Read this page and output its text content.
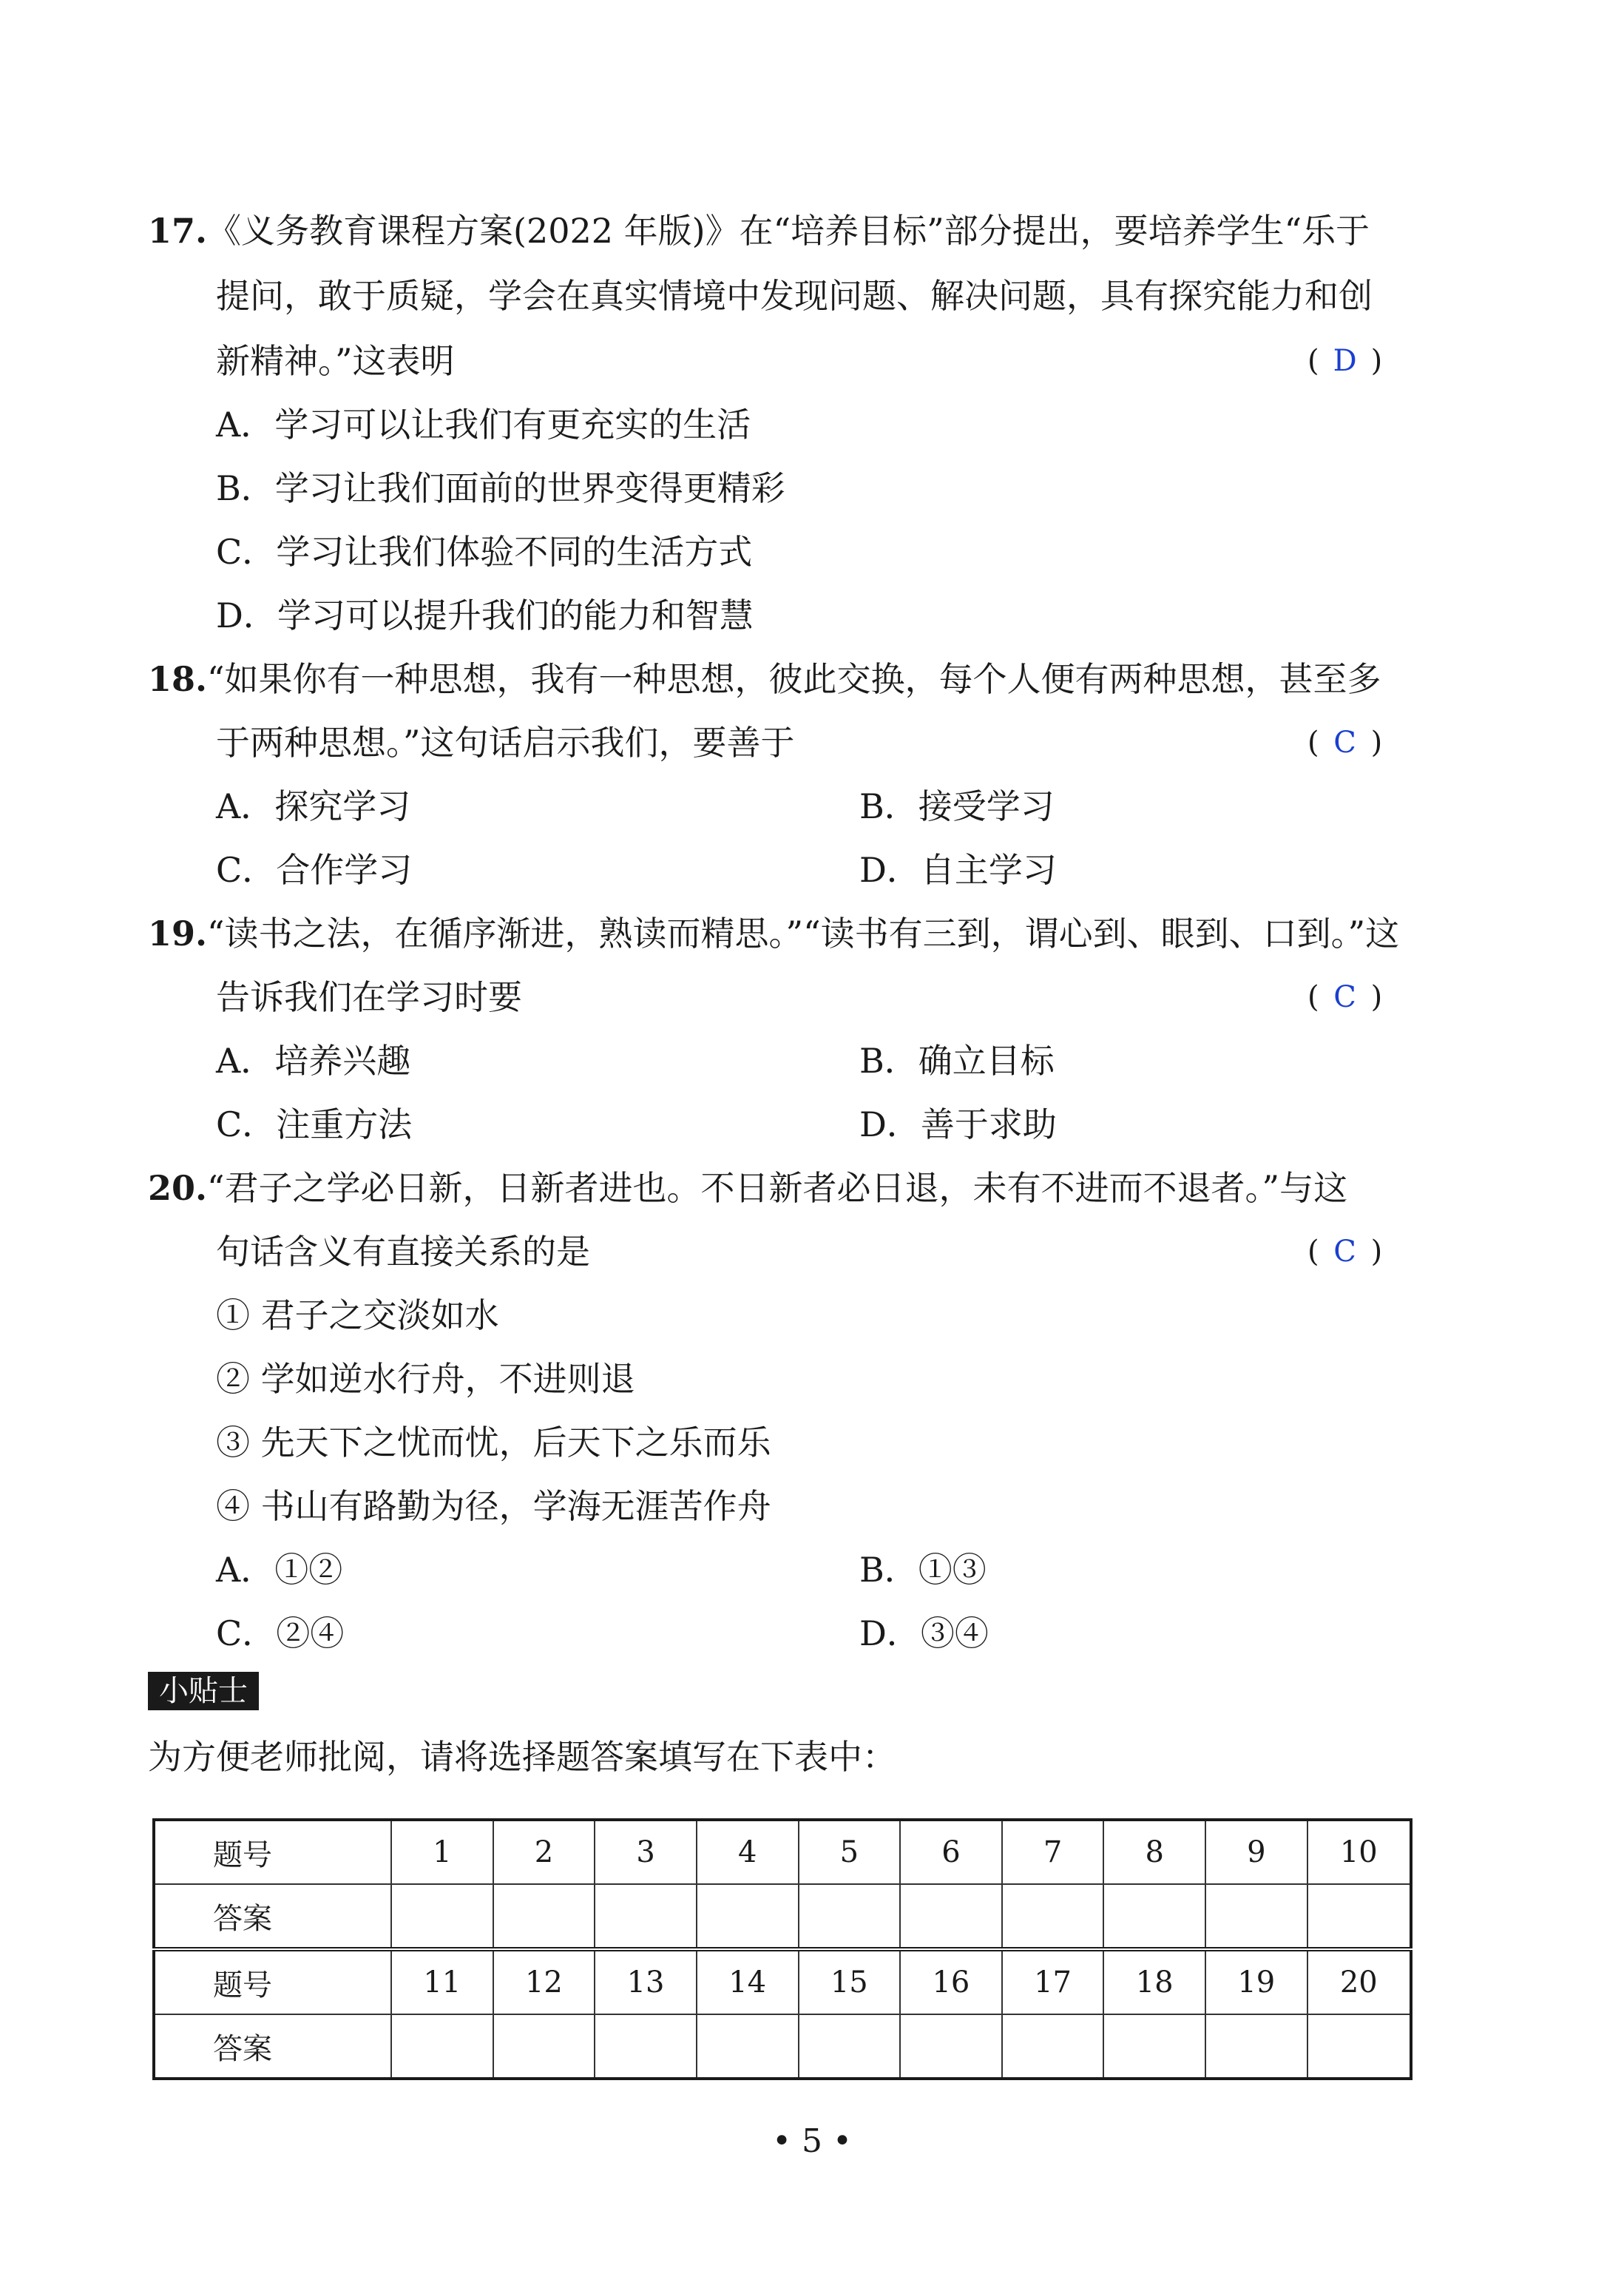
17.《义务教育课程方案(2022 年版)》在“培养目标”部分提出，要培养学生“乐于
提问，敢于质疑，学会在真实情境中发现问题、解决问题，具有探究能力和创
新精神。”这表明	( D )
A．学习可以让我们有更充实的生活
B．学习让我们面前的世界变得更精彩
C．学习让我们体验不同的生活方式
D．学习可以提升我们的能力和智慧
18.“如果你有一种思想，我有一种思想，彼此交换，每个人便有两种思想，甚至多
于两种思想。”这句话启示我们，要善于	( C )
A．探究学习	B．接受学习
C．合作学习	D．自主学习
19.“读书之法，在循序渐进，熟读而精思。”“读书有三到，谓心到、眼到、口到。”这
告诉我们在学习时要	( C )
A．培养兴趣	B．确立目标
C．注重方法	D．善于求助
20.“君子之学必日新，日新者进也。不日新者必日退，未有不进而不退者。”与这
句话含义有直接关系的是	( C )
① 君子之交淡如水
② 学如逆水行舟，不进则退
③ 先天下之忧而忧，后天下之乐而乐
④ 书山有路勤为径，学海无涯苦作舟
A．①②	B．①③
C．②④	D．③④
小贴士
为方便老师批阅，请将选择题答案填写在下表中：
题号	1	2	3	4	5	6	7	8	9	10
答案										
题号	11	12	13	14	15	16	17	18	19	20
答案										
• 5 •
